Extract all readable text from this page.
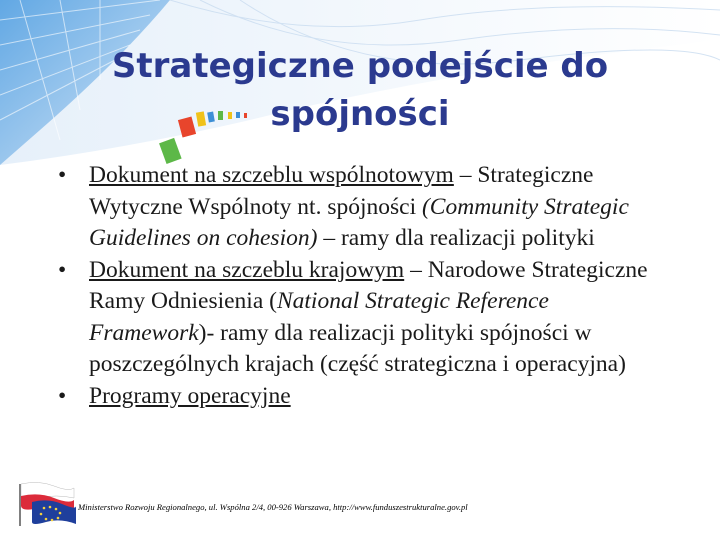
Strategiczne podejście do spójności
• Dokument na szczeblu wspólnotowym – Strategiczne Wytyczne Wspólnoty nt. spójności (Community Strategic Guidelines on cohesion) – ramy dla realizacji polityki
• Dokument na szczeblu krajowym – Narodowe Strategiczne Ramy Odniesienia (National Strategic Reference Framework)- ramy dla realizacji polityki spójności w poszczególnych krajach (część strategiczna i operacyjna)
• Programy operacyjne
Ministerstwo Rozwoju Regionalnego, ul. Wspólna 2/4, 00-926 Warszawa, http://www.funduszestrukturalne.gov.pl
